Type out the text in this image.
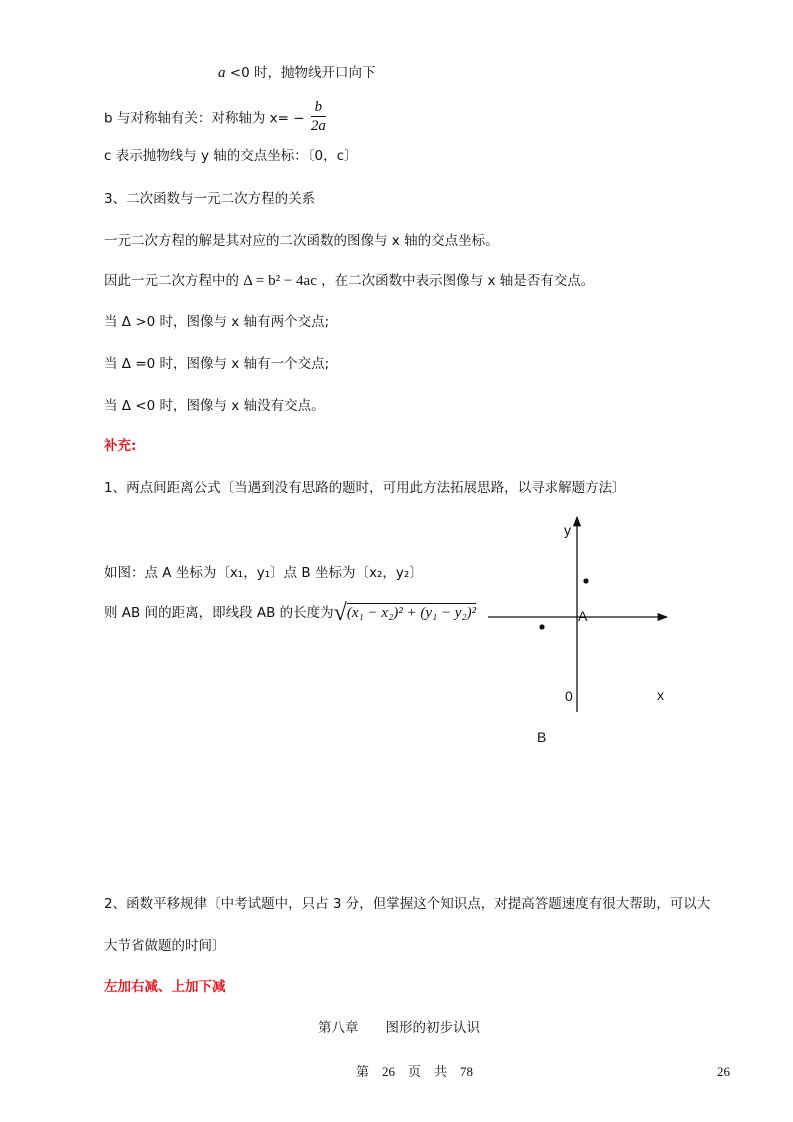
a <0 时，抛物线开口向下
b 与对称轴有关：对称轴为 $x= - \frac{b}{2a}$
c 表示抛物线与 y 轴的交点坐标：〔0，c〕
3、二次函数与一元二次方程的关系
一元二次方程的解是其对应的二次函数的图像与 x 轴的交点坐标。
因此一元二次方程中的 Δ = b² − 4ac ，在二次函数中表示图像与 x 轴是否有交点。
当 Δ >0 时，图像与 x 轴有两个交点;
当 Δ =0 时，图像与 x 轴有一个交点;
当 Δ <0 时，图像与 x 轴没有交点。
补充:
1、两点间距离公式〔当遇到没有思路的题时，可用此方法拓展思路，以寻求解题方法〕
如图：点 A 坐标为〔x₁，y₁〕点 B 坐标为〔x₂，y₂〕
则 AB 间的距离，即线段 AB 的长度为√(x₁ − x₂)² + (y₁ − y₂)²
y
A
0	x
B
2、函数平移规律〔中考试题中，只占 3 分，但掌握这个知识点，对提高答题速度有很大帮助，可以大
大节省做题的时间〕
左加右减、上加下减
第八章　　图形的初步认识
第　26　页　共　78	26
